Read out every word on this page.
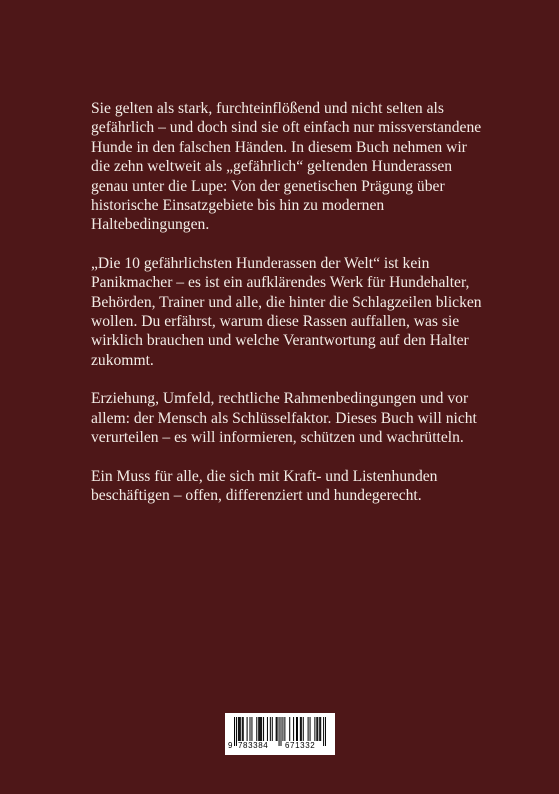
Sie gelten als stark, furchteinflößend und nicht selten als gefährlich – und doch sind sie oft einfach nur missverstandene Hunde in den falschen Händen. In diesem Buch nehmen wir die zehn weltweit als „gefährlich“ geltenden Hunderassen genau unter die Lupe: Von der genetischen Prägung über historische Einsatzgebiete bis hin zu modernen Haltebedingungen.

„Die 10 gefährlichsten Hunderassen der Welt“ ist kein Panikmacher – es ist ein aufklärendes Werk für Hundehalter, Behörden, Trainer und alle, die hinter die Schlagzeilen blicken wollen. Du erfährst, warum diese Rassen auffallen, was sie wirklich brauchen und welche Verantwortung auf den Halter zukommt.

Erziehung, Umfeld, rechtliche Rahmenbedingungen und vor allem: der Mensch als Schlüsselfaktor. Dieses Buch will nicht verurteilen – es will informieren, schützen und wachrütteln.

Ein Muss für alle, die sich mit Kraft- und Listenhunden beschäftigen – offen, differenziert und hundegerecht.

9 783384 671332
